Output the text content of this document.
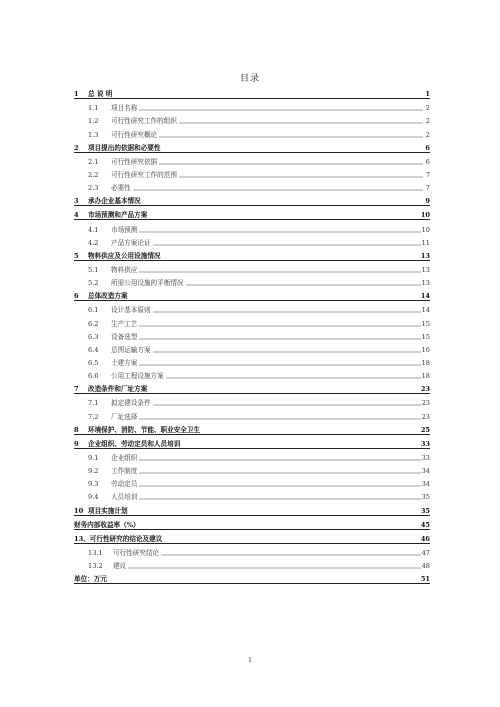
目录
1	总 说 明	1
1.1	项目名称	2
1.2	可行性研究工作的组织	2
1.3	可行性研究概论	2
2	项目提出的依据和必要性	6
2.1	可行性研究依据	6
2.2	可行性研究工作的范围	7
2.3	必要性	7
3	承办企业基本情况	9
4	市场预测和产品方案	10
4.1	市场预测	10
4.2	产品方案论证	11
5	物料供应及公用设施情况	13
5.1	物料供应	13
5.2	所需公用设施的平衡情况	13
6	总体改造方案	14
6.1	设计基本原则	14
6.2	生产工艺	15
6.3	设备选型	15
6.4	总图运输方案	16
6.5	土建方案	18
6.6	公用工程设施方案	18
7	改造条件和厂址方案	23
7.1	拟定建设条件	23
7.2	厂址选择	23
8	环境保护、消防、节能、职业安全卫生	25
9	企业组织、劳动定员和人员培训	33
9.1	企业组织	33
9.2	工作制度	34
9.3	劳动定员	34
9.4	人员培训	35
10 项目实施计划	35
财务内部收益率（%）	45
13、可行性研究的结论及建议	46
13.1	可行性研究结论	47
13.2	建议	48
单位：万元	51
1
